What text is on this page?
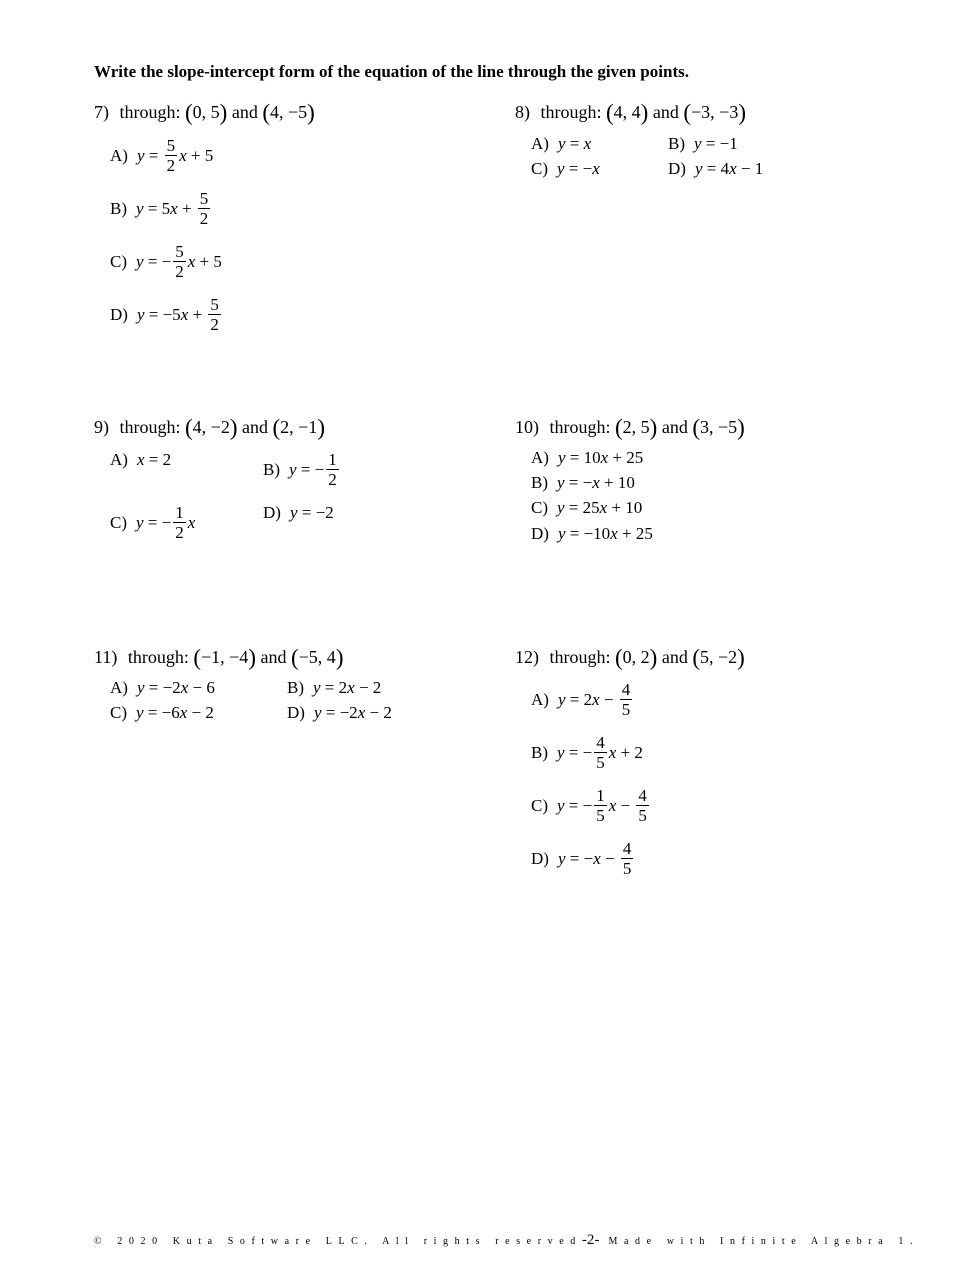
Write the slope-intercept form of the equation of the line through the given points.
7) through: (0, 5) and (4, −5)
A) $y = \frac{5}{2}$ x + 5
B) y = 5 $x + \frac{5}{2}$
C) y = − $\frac{5}{2}$ x + 5
D) y = −5 $x + \frac{5}{2}$
8) through: (4, 4) and (−3, −3)
A) y = x	B) y = −1
C) y = − x	D) y = 4 x − 1
9) through: (4, −2) and (2, −1)
A) x = 2	B) y = − $\frac{1}{2}$
C) y = − $\frac{1}{2}$ x	D) y = −2
10) through: (2, 5) and (3, −5)
A) y = 10 x + 25
B) y = − x + 10
C) y = 25 x + 10
D) y = −10 x + 25
11) through: (−1, −4) and (−5, 4)
A) y = −2 x − 6	B) y = 2 x − 2
C) y = −6 x − 2	D) y = −2 x − 2
12) through: (0, 2) and (5, −2)
A) y = 2 $x - \frac{4}{5}$
B) y = − $\frac{4}{5}$ x + 2
C) y = − $\frac{1}{5}$ $x - \frac{4}{5}$
D) y = − $x - \frac{4}{5}$
© 2020 Kuta Software LLC. All rights reserved-2- Made with Infinite Algebra 1.
